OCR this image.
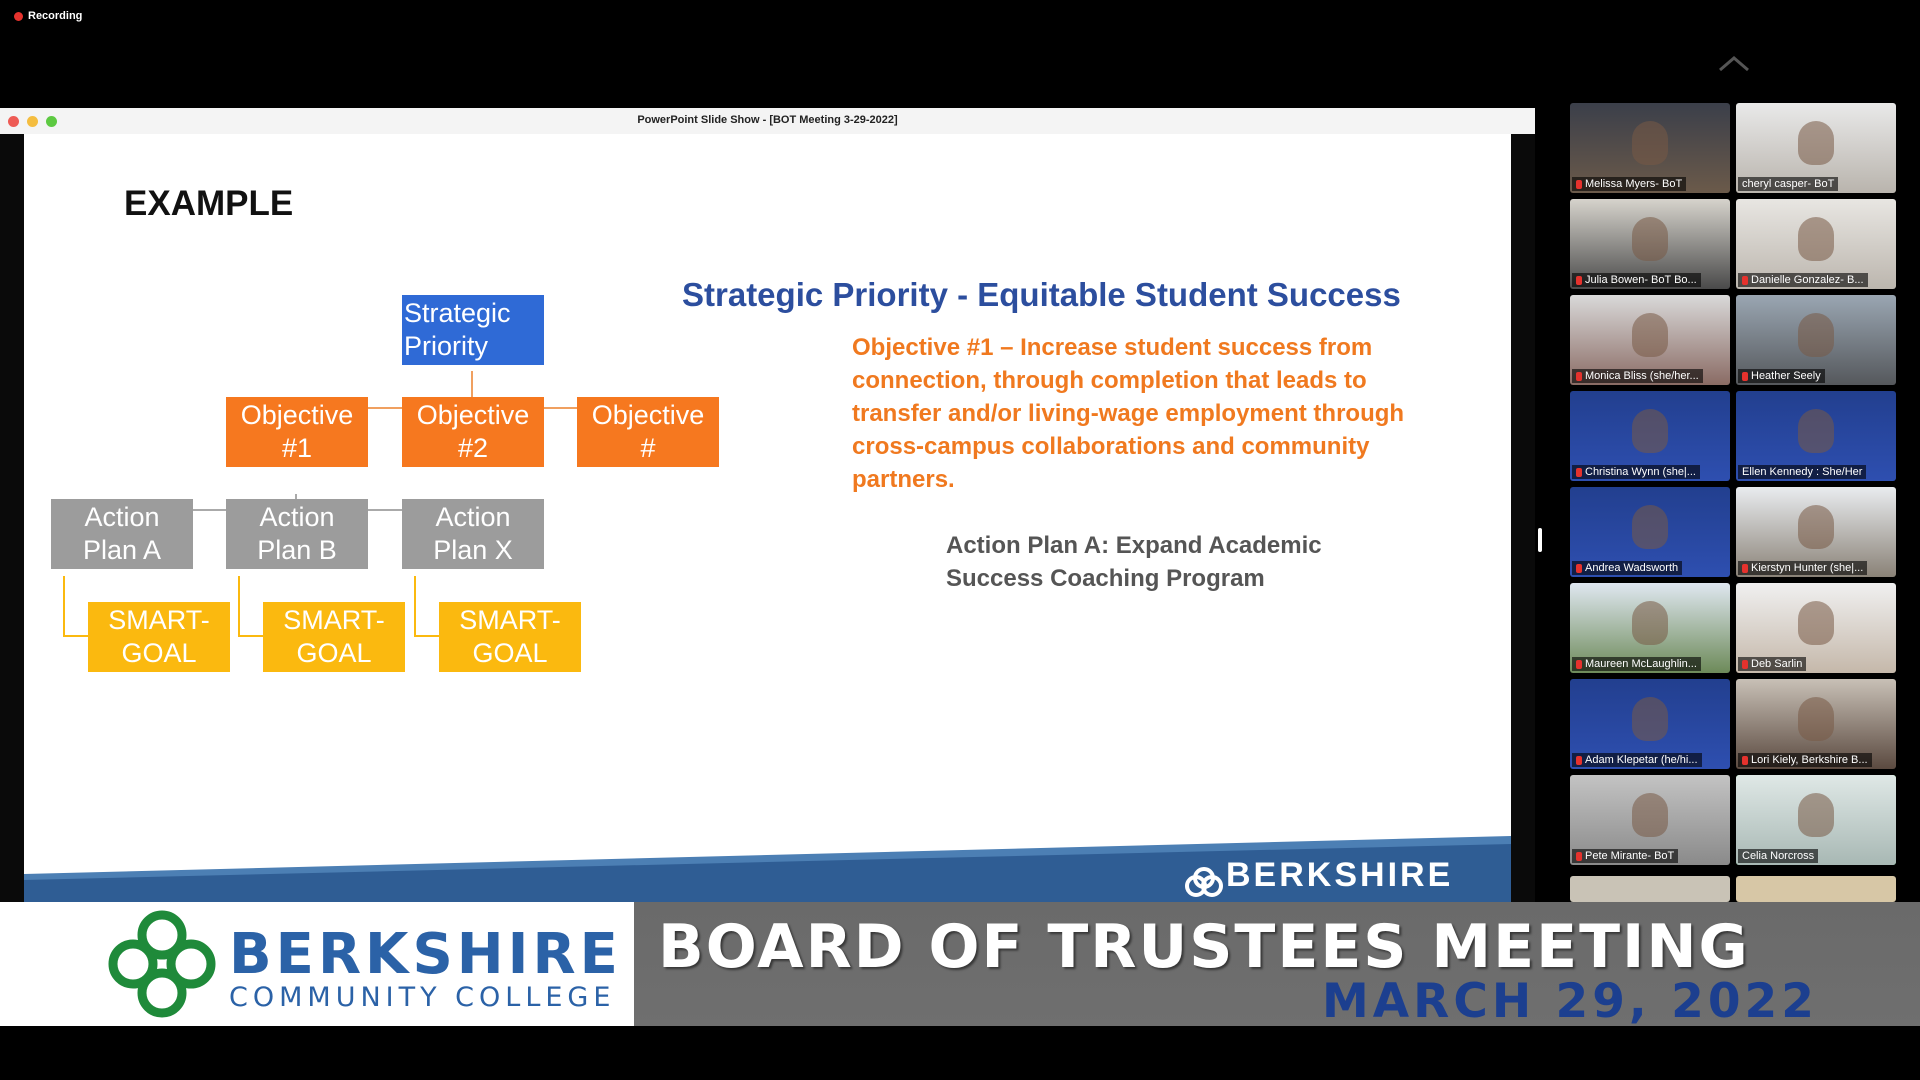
Recording
PowerPoint Slide Show - [BOT Meeting 3-29-2022]
EXAMPLE
Strategic
Priority
Objective
#1
Objective
#2
Objective
#
Action
Plan A
Action
Plan B
Action
Plan X
SMART-
GOAL
SMART-
GOAL
SMART-
GOAL
Strategic Priority - Equitable Student Success
Objective #1 – Increase student success from connection, through completion that leads to transfer and/or living-wage employment through cross-campus collaborations and community partners.
Action Plan A: Expand Academic Success Coaching Program
BERKSHIRE
Melissa Myers- BoT	cheryl casper- BoT
Julia Bowen- BoT Bo...	Danielle Gonzalez- B...
Monica Bliss (she/her...	Heather Seely
Christina Wynn (she|...	Ellen Kennedy : She/Her
Andrea Wadsworth	Kierstyn Hunter (she|...
Maureen McLaughlin...	Deb Sarlin
Adam Klepetar (he/hi...	Lori Kiely, Berkshire B...
Pete Mirante- BoT	Celia Norcross
BERKSHIRE
COMMUNITY COLLEGE
BOARD OF TRUSTEES MEETING
MARCH 29, 2022
